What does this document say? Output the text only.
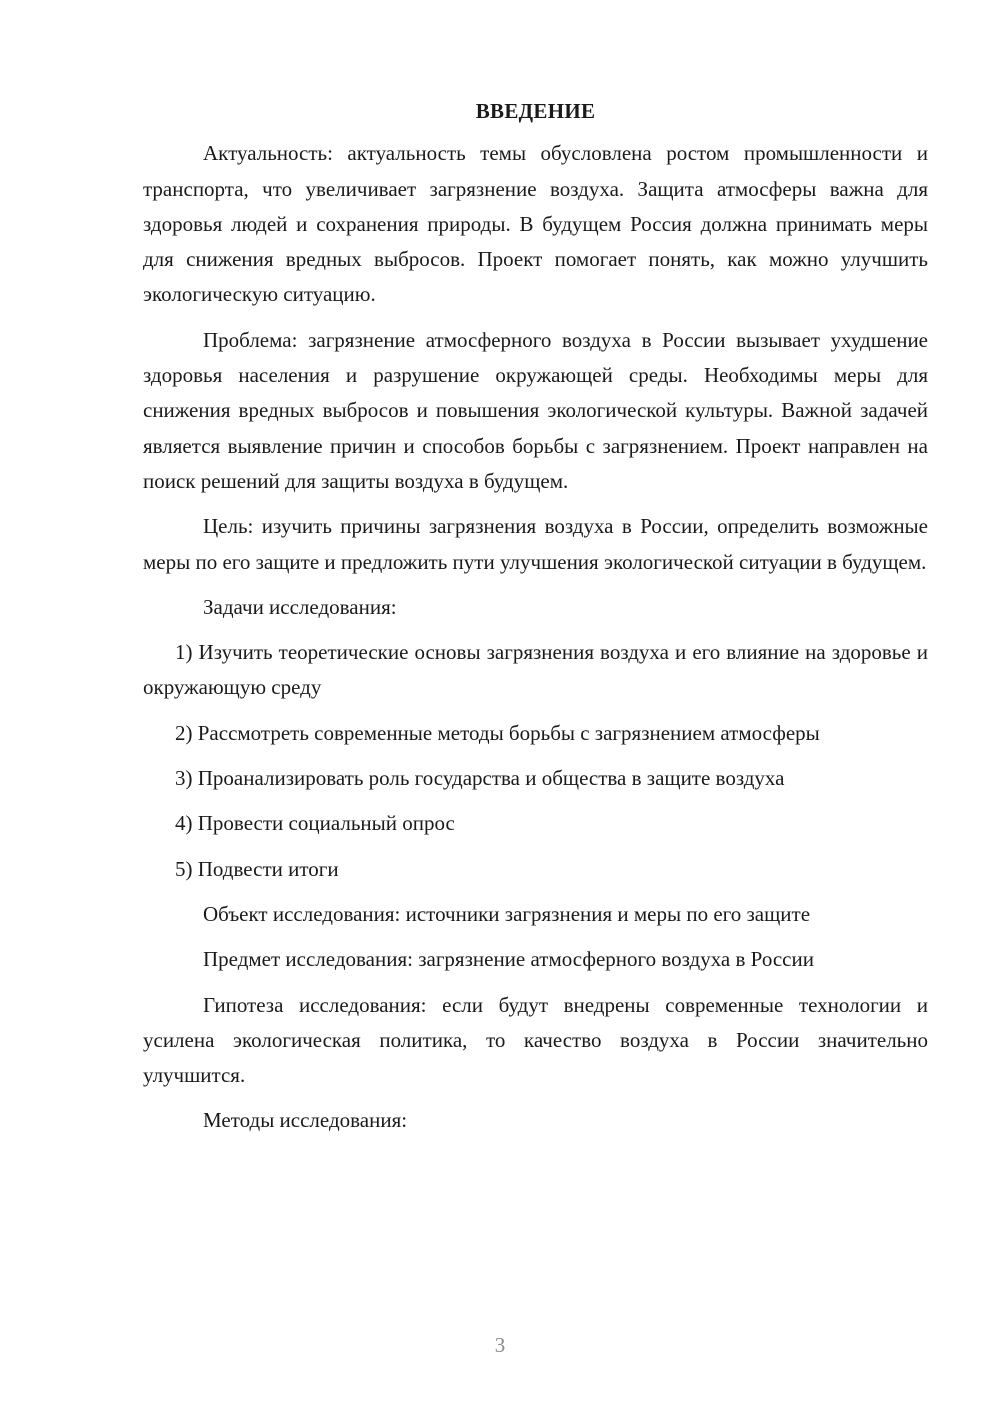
ВВЕДЕНИЕ

Актуальность: актуальность темы обусловлена ростом промышленности и транспорта, что увеличивает загрязнение воздуха. Защита атмосферы важна для здоровья людей и сохранения природы. В будущем Россия должна принимать меры для снижения вредных выбросов. Проект помогает понять, как можно улучшить экологическую ситуацию.

Проблема: загрязнение атмосферного воздуха в России вызывает ухудшение здоровья населения и разрушение окружающей среды. Необходимы меры для снижения вредных выбросов и повышения экологической культуры. Важной задачей является выявление причин и способов борьбы с загрязнением. Проект направлен на поиск решений для защиты воздуха в будущем.

Цель: изучить причины загрязнения воздуха в России, определить возможные меры по его защите и предложить пути улучшения экологической ситуации в будущем.

Задачи исследования:

1) Изучить теоретические основы загрязнения воздуха и его влияние на здоровье и окружающую среду

2) Рассмотреть современные методы борьбы с загрязнением атмосферы

3) Проанализировать роль государства и общества в защите воздуха

4) Провести социальный опрос

5) Подвести итоги

Объект исследования: источники загрязнения и меры по его защите

Предмет исследования: загрязнение атмосферного воздуха в России

Гипотеза исследования: если будут внедрены современные технологии и усилена экологическая политика, то качество воздуха в России значительно улучшится.

Методы исследования:

3
